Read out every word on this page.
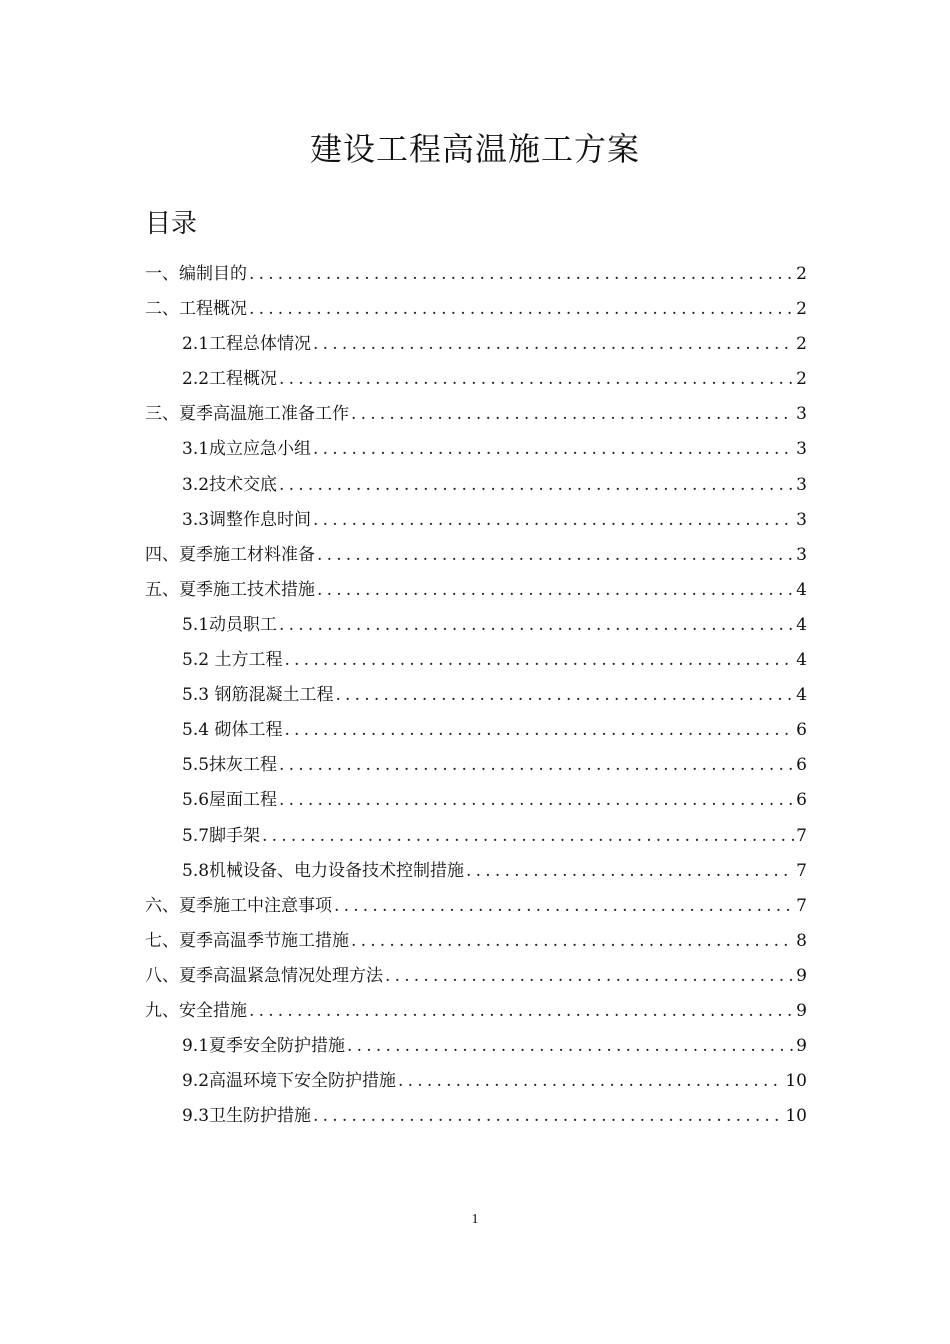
建设工程高温施工方案
目录
一、编制目的 .....	2
二、工程概况 .....	2
2.1工程总体情况 .....	2
2.2工程概况 .....	2
三、夏季高温施工准备工作 .....	3
3.1成立应急小组 .....	3
3.2技术交底 .....	3
3.3调整作息时间 .....	3
四、夏季施工材料准备 .....	3
五、夏季施工技术措施 .....	4
5.1动员职工 .....	4
5.2 土方工程 .....	4
5.3 钢筋混凝土工程 .....	4
5.4 砌体工程 .....	6
5.5抹灰工程 .....	6
5.6屋面工程 .....	6
5.7脚手架 .....	7
5.8机械设备、电力设备技术控制措施 .....	7
六、夏季施工中注意事项 .....	7
七、夏季高温季节施工措施 .....	8
八、夏季高温紧急情况处理方法 .....	9
九、安全措施 .....	9
9.1夏季安全防护措施 .....	9
9.2高温环境下安全防护措施 .....	10
9.3卫生防护措施 .....	10
1
